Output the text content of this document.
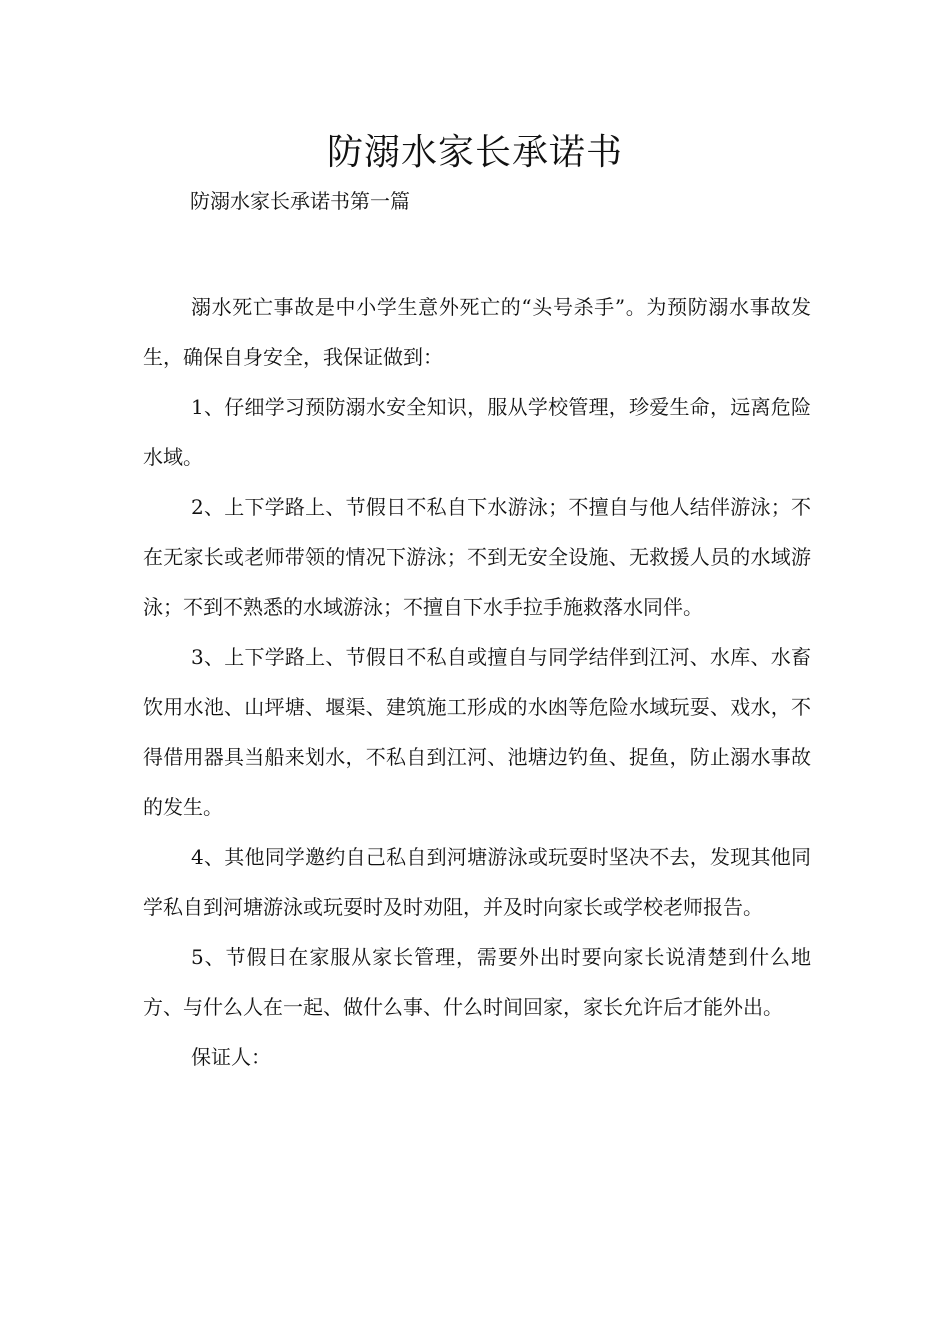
防溺水家长承诺书

防溺水家长承诺书第一篇

溺水死亡事故是中小学生意外死亡的“头号杀手”。为预防溺水事故发生，确保自身安全，我保证做到：

1、仔细学习预防溺水安全知识，服从学校管理，珍爱生命，远离危险水域。

2、上下学路上、节假日不私自下水游泳；不擅自与他人结伴游泳；不在无家长或老师带领的情况下游泳；不到无安全设施、无救援人员的水域游泳；不到不熟悉的水域游泳；不擅自下水手拉手施救落水同伴。

3、上下学路上、节假日不私自或擅自与同学结伴到江河、水库、水畜饮用水池、山坪塘、堰渠、建筑施工形成的水凼等危险水域玩耍、戏水，不得借用器具当船来划水，不私自到江河、池塘边钓鱼、捉鱼，防止溺水事故的发生。

4、其他同学邀约自己私自到河塘游泳或玩耍时坚决不去，发现其他同学私自到河塘游泳或玩耍时及时劝阻，并及时向家长或学校老师报告。

5、节假日在家服从家长管理，需要外出时要向家长说清楚到什么地方、与什么人在一起、做什么事、什么时间回家，家长允许后才能外出。

保证人：
